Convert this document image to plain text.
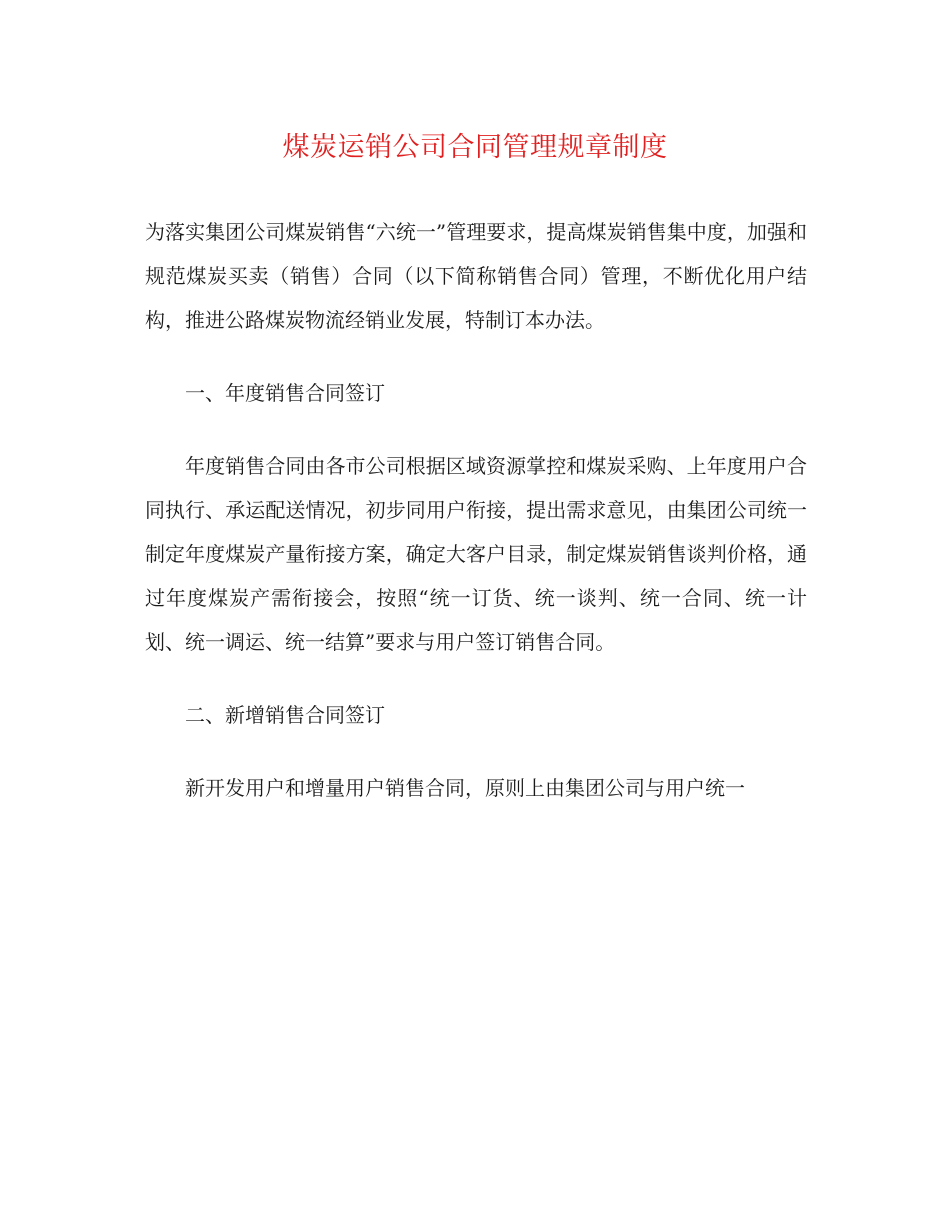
煤炭运销公司合同管理规章制度

为落实集团公司煤炭销售“六统一”管理要求，提高煤炭销售集中度，加强和规范煤炭买卖（销售）合同（以下简称销售合同）管理，不断优化用户结构，推进公路煤炭物流经销业发展，特制订本办法。

一、年度销售合同签订

年度销售合同由各市公司根据区域资源掌控和煤炭采购、上年度用户合同执行、承运配送情况，初步同用户衔接，提出需求意见，由集团公司统一制定年度煤炭产量衔接方案，确定大客户目录，制定煤炭销售谈判价格，通过年度煤炭产需衔接会，按照“统一订货、统一谈判、统一合同、统一计划、统一调运、统一结算”要求与用户签订销售合同。

二、新增销售合同签订

新开发用户和增量用户销售合同，原则上由集团公司与用户统一
